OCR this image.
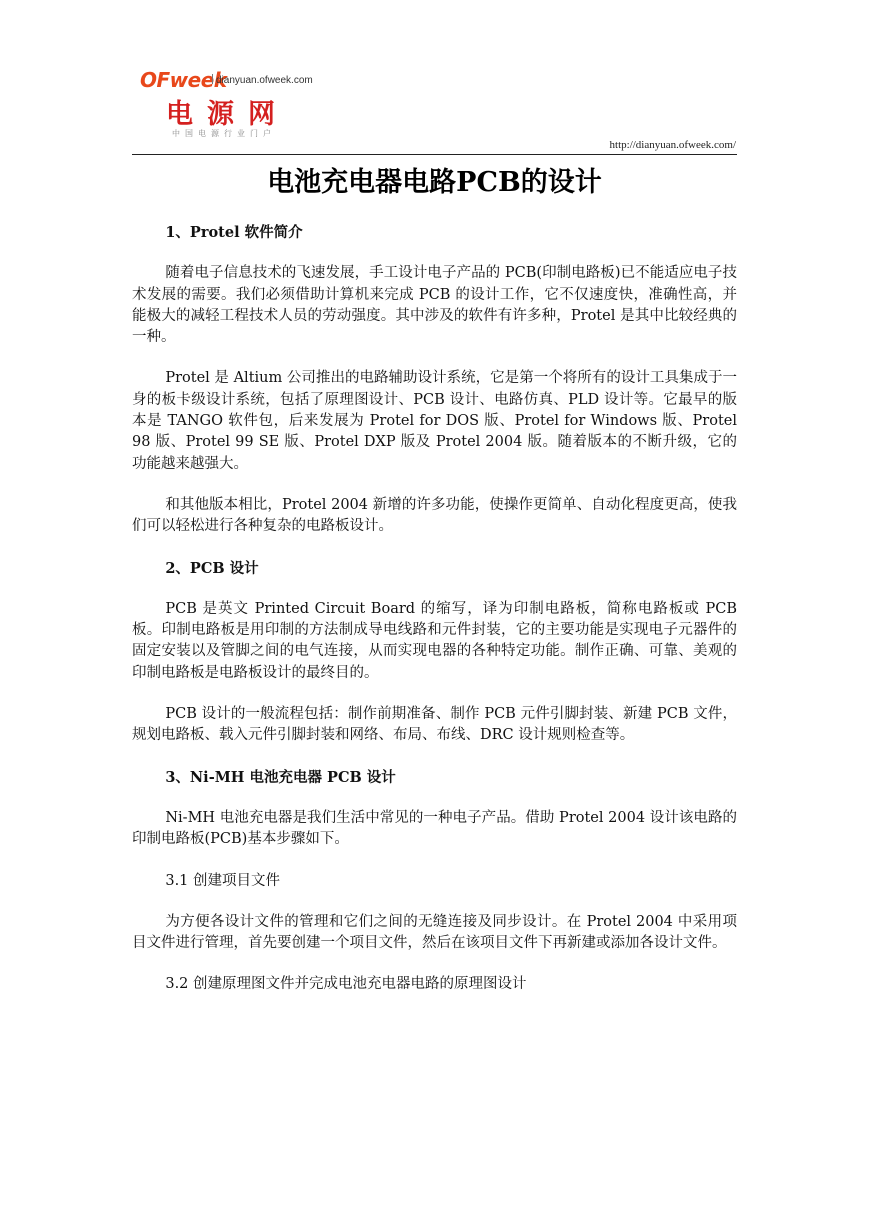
OFweek
dianyuan.ofweek.com
电源网
中国电源行业门户
http://dianyuan.ofweek.com/
电池充电器电路PCB的设计

1、Protel 软件简介

随着电子信息技术的飞速发展，手工设计电子产品的 PCB(印制电路板)已不能适应电子技术发展的需要。我们必须借助计算机来完成 PCB 的设计工作，它不仅速度快，准确性高，并能极大的减轻工程技术人员的劳动强度。其中涉及的软件有许多种，Protel 是其中比较经典的一种。

Protel 是 Altium 公司推出的电路辅助设计系统，它是第一个将所有的设计工具集成于一身的板卡级设计系统，包括了原理图设计、PCB 设计、电路仿真、PLD 设计等。它最早的版本是 TANGO 软件包，后来发展为 Protel for DOS 版、Protel for Windows 版、Protel 98 版、Protel 99 SE 版、Protel DXP 版及 Protel 2004 版。随着版本的不断升级，它的功能越来越强大。

和其他版本相比，Protel 2004 新增的许多功能，使操作更简单、自动化程度更高，使我们可以轻松进行各种复杂的电路板设计。

2、PCB 设计

PCB 是英文 Printed Circuit Board 的缩写，译为印制电路板，简称电路板或 PCB 板。印制电路板是用印制的方法制成导电线路和元件封装，它的主要功能是实现电子元器件的固定安装以及管脚之间的电气连接，从而实现电器的各种特定功能。制作正确、可靠、美观的印制电路板是电路板设计的最终目的。

PCB 设计的一般流程包括：制作前期准备、制作 PCB 元件引脚封装、新建 PCB 文件，规划电路板、载入元件引脚封装和网络、布局、布线、DRC 设计规则检查等。

3、Ni-MH 电池充电器 PCB 设计

Ni-MH 电池充电器是我们生活中常见的一种电子产品。借助 Protel 2004 设计该电路的印制电路板(PCB)基本步骤如下。

3.1 创建项目文件

为方便各设计文件的管理和它们之间的无缝连接及同步设计。在 Protel 2004 中采用项目文件进行管理，首先要创建一个项目文件，然后在该项目文件下再新建或添加各设计文件。

3.2 创建原理图文件并完成电池充电器电路的原理图设计
